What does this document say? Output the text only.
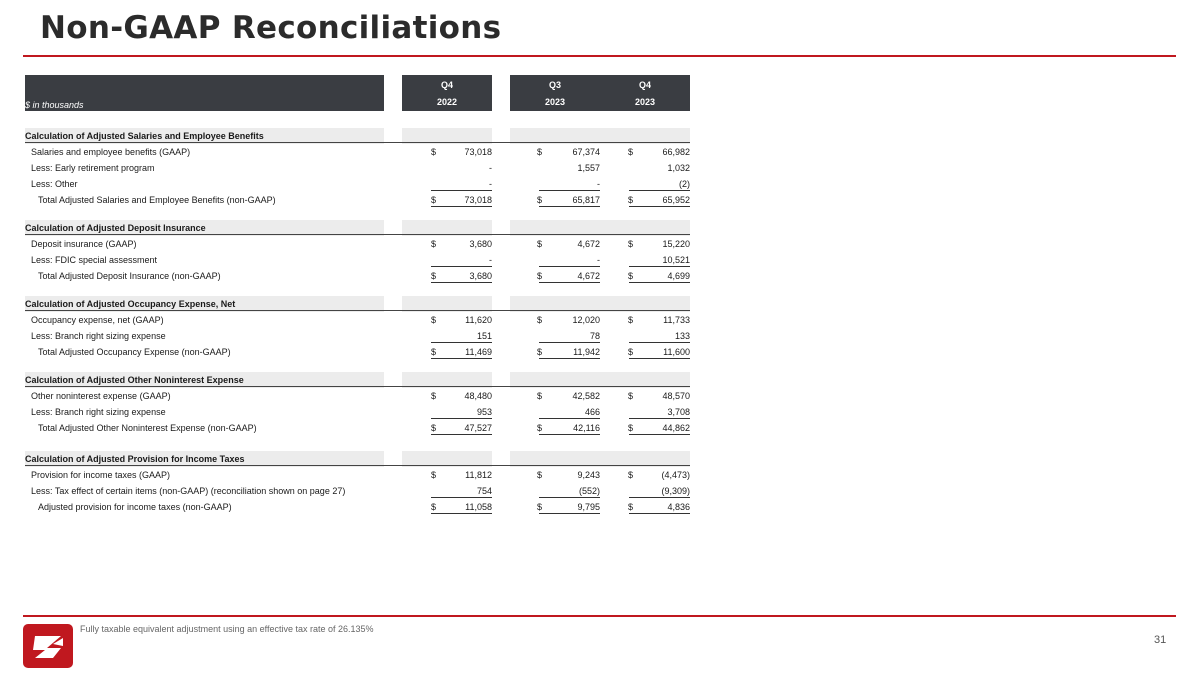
Non-GAAP Reconciliations
$ in thousands
Q4
2022
Q3
2023
Q4
2023
Calculation of Adjusted Salaries and Employee Benefits
Salaries and employee benefits (GAAP)	$	73,018	$	67,374	$	66,982
Less: Early retirement program	-	1,557	1,032
Less: Other	-	-	(2)
Total Adjusted Salaries and Employee Benefits (non-GAAP)	$	73,018	$	65,817	$	65,952
Calculation of Adjusted Deposit Insurance
Deposit insurance (GAAP)	$	3,680	$	4,672	$	15,220
Less: FDIC special assessment	-	-	10,521
Total Adjusted Deposit Insurance (non-GAAP)	$	3,680	$	4,672	$	4,699
Calculation of Adjusted Occupancy Expense, Net
Occupancy expense, net (GAAP)	$	11,620	$	12,020	$	11,733
Less: Branch right sizing expense	151	78	133
Total Adjusted Occupancy Expense (non-GAAP)	$	11,469	$	11,942	$	11,600
Calculation of Adjusted Other Noninterest Expense
Other noninterest expense (GAAP)	$	48,480	$	42,582	$	48,570
Less: Branch right sizing expense	953	466	3,708
Total Adjusted Other Noninterest Expense (non-GAAP)	$	47,527	$	42,116	$	44,862
Calculation of Adjusted Provision for Income Taxes
Provision for income taxes (GAAP)	$	11,812	$	9,243	$	(4,473)
Less: Tax effect of certain items (non-GAAP) (reconciliation shown on page 27)	754	(552)	(9,309)
Adjusted provision for income taxes (non-GAAP)	$	11,058	$	9,795	$	4,836
Fully taxable equivalent adjustment using an effective tax rate of 26.135%
31
